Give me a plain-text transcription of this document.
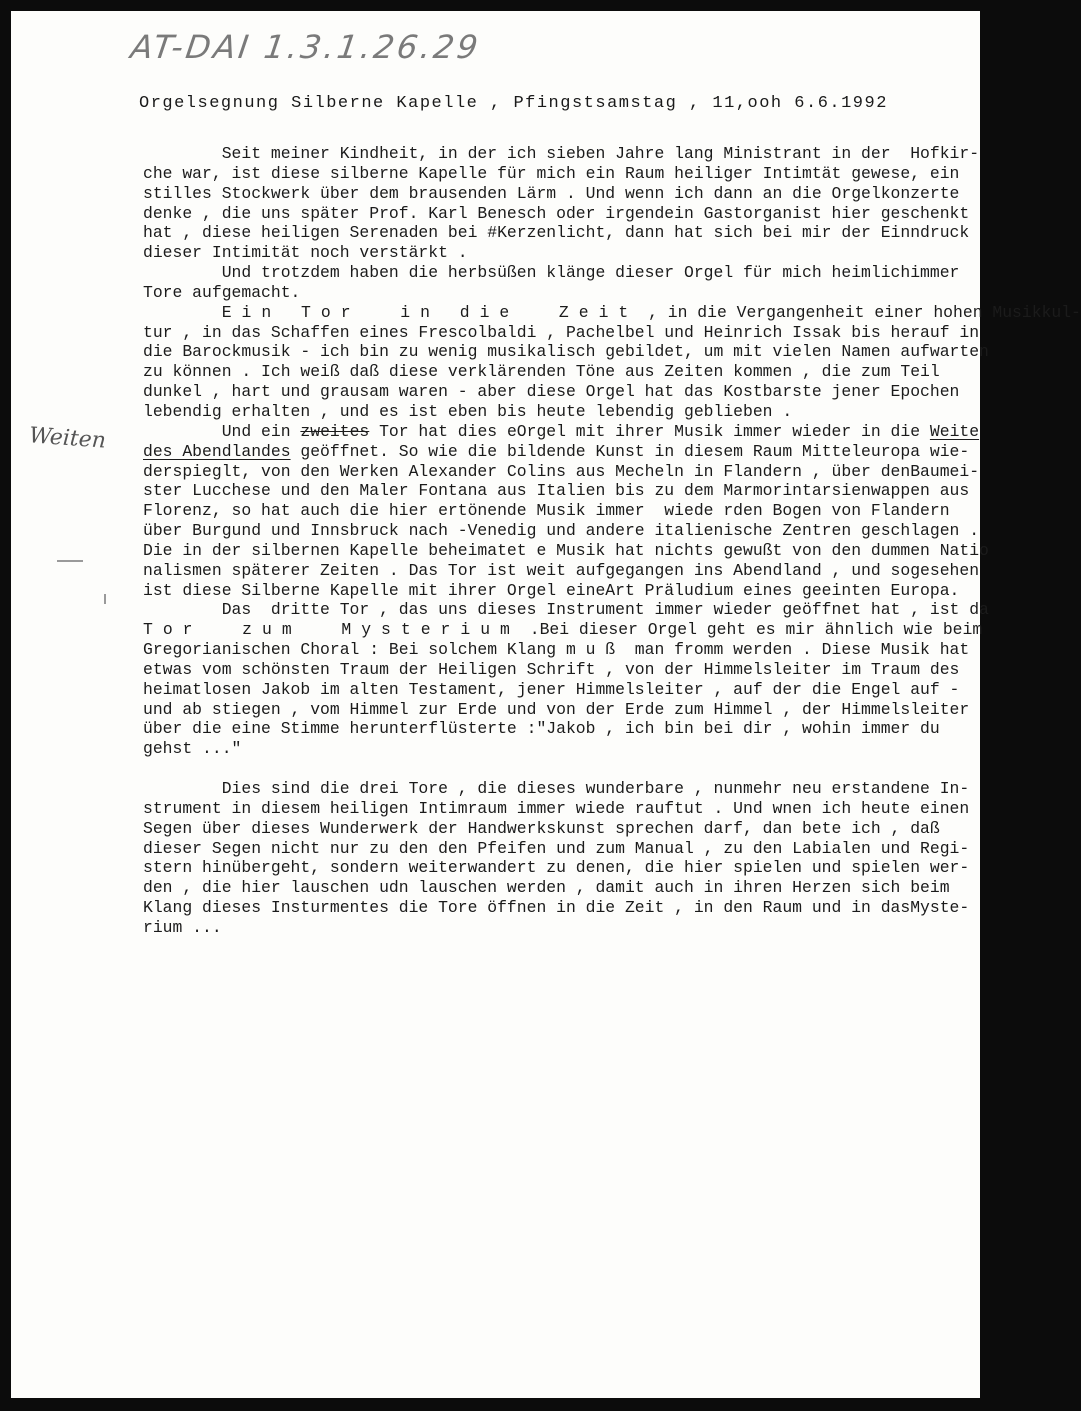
AT-DAI 1.3.1.26.29
Weiten
Orgelsegnung Silberne Kapelle , Pfingstsamstag , 11,ooh 6.6.1992
Seit meiner Kindheit, in der ich sieben Jahre lang Ministrant in der  Hofkir-
che war, ist diese silberne Kapelle für mich ein Raum heiliger Intimtät gewese, ein
stilles Stockwerk über dem brausenden Lärm . Und wenn ich dann an die Orgelkonzerte
denke , die uns später Prof. Karl Benesch oder irgendein Gastorganist hier geschenkt
hat , diese heiligen Serenaden bei #Kerzenlicht, dann hat sich bei mir der Einndruck
dieser Intimität noch verstärkt .
Und trotzdem haben die herbsüßen klänge dieser Orgel für mich heimlichimmer
Tore aufgemacht.
Ein Tor  in die  Zeit , in die Vergangenheit einer hohen Musikkul-
tur , in das Schaffen eines Frescolbaldi , Pachelbel und Heinrich Issak bis herauf in
die Barockmusik - ich bin zu wenig musikalisch gebildet, um mit vielen Namen aufwarten
zu können . Ich weiß daß diese verklärenden Töne aus Zeiten kommen , die zum Teil
dunkel , hart und grausam waren - aber diese Orgel hat das Kostbarste jener Epochen
lebendig erhalten , und es ist eben bis heute lebendig geblieben .
Und ein zweites Tor hat dies eOrgel mit ihrer Musik immer wieder in die Weite
des Abendlandes geöffnet. So wie die bildende Kunst in diesem Raum Mitteleuropa wie-
derspieglt, von den Werken Alexander Colins aus Mecheln in Flandern , über denBaumei-
ster Lucchese und den Maler Fontana aus Italien bis zu dem Marmorintarsienwappen aus
Florenz, so hat auch die hier ertönende Musik immer  wiede rden Bogen von Flandern
über Burgund und Innsbruck nach -Venedig und andere italienische Zentren geschlagen .
Die in der silbernen Kapelle beheimatet e Musik hat nichts gewußt von den dummen Natio
nalismen späterer Zeiten . Das Tor ist weit aufgegangen ins Abendland , und sogesehen
ist diese Silberne Kapelle mit ihrer Orgel eineArt Präludium eines geeinten Europa.
Das  dritte Tor , das uns dieses Instrument immer wieder geöffnet hat , ist da
Tor  zum  Mysterium .Bei dieser Orgel geht es mir ähnlich wie beim
Gregorianischen Choral : Bei solchem Klang m u ß  man fromm werden . Diese Musik hat
etwas vom schönsten Traum der Heiligen Schrift , von der Himmelsleiter im Traum des
heimatlosen Jakob im alten Testament, jener Himmelsleiter , auf der die Engel auf -
und ab stiegen , vom Himmel zur Erde und von der Erde zum Himmel , der Himmelsleiter
über die eine Stimme herunterflüsterte :"Jakob , ich bin bei dir , wohin immer du
gehst ..."
Dies sind die drei Tore , die dieses wunderbare , nunmehr neu erstandene In-
strument in diesem heiligen Intimraum immer wiede rauftut . Und wnen ich heute einen
Segen über dieses Wunderwerk der Handwerkskunst sprechen darf, dan bete ich , daß
dieser Segen nicht nur zu den den Pfeifen und zum Manual , zu den Labialen und Regi-
stern hinübergeht, sondern weiterwandert zu denen, die hier spielen und spielen wer-
den , die hier lauschen udn lauschen werden , damit auch in ihren Herzen sich beim
Klang dieses Insturmentes die Tore öffnen in die Zeit , in den Raum und in dasMyste-
rium ...
